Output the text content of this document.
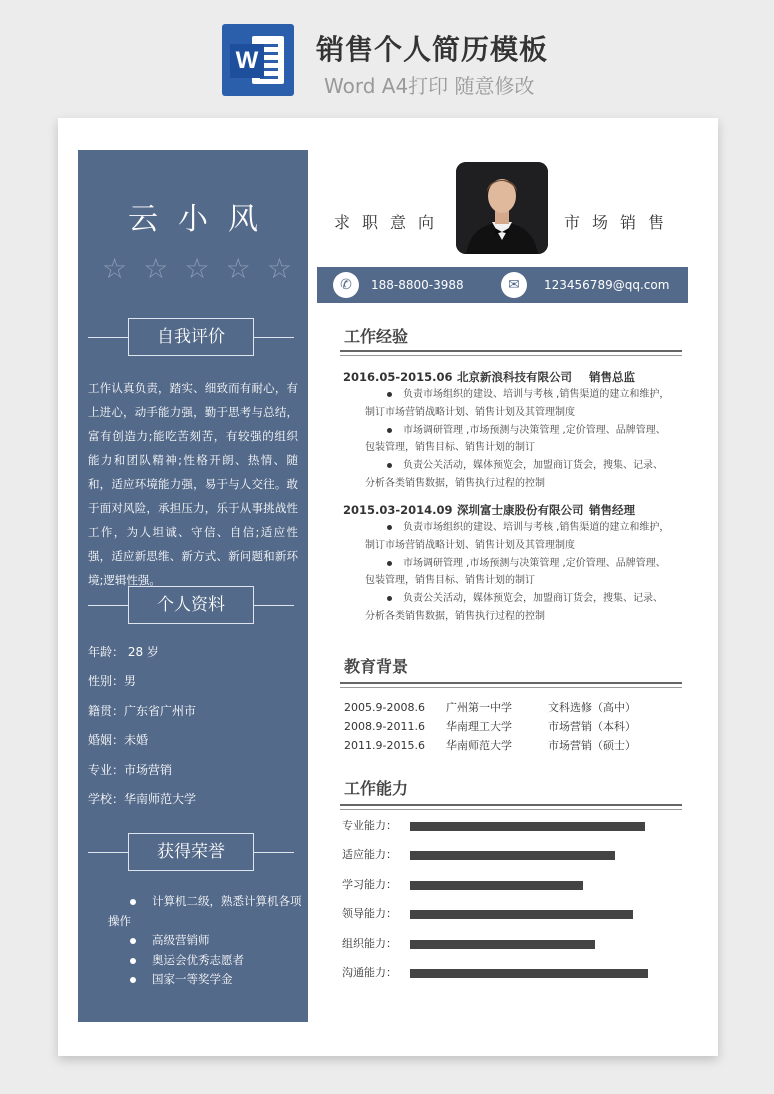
W 销售个人简历模板
Word A4打印 随意修改
云小风
☆ ☆ ☆ ☆ ☆
自我评价
工作认真负责，踏实、细致而有耐心，有上进心，动手能力强，勤于思考与总结，富有创造力;能吃苦刻苦，有较强的组织能力和团队精神;性格开朗、热情、随和，适应环境能力强，易于与人交往。敢于面对风险，承担压力，乐于从事挑战性工作，为人坦诚、守信、自信;适应性强，适应新思维、新方式、新问题和新环境;逻辑性强。
个人资料
年龄： 28 岁
性别：男
籍贯：广东省广州市
婚姻：未婚
专业：市场营销
学校：华南师范大学
获得荣誉
计算机二级，熟悉计算机各项
操作
高级营销师
奥运会优秀志愿者
国家一等奖学金
求职意向	市场销售
✆	188-8800-3988	✉	123456789@qq.com
工作经验
2016.05-2015.06 北京新浪科技有限公司 销售总监

负责市场组织的建设、培训与考核 ,销售渠道的建立和维护，

制订市场营销战略计划、销售计划及其管理制度

市场调研管理 ,市场预测与决策管理 ,定价管理、品牌管理、

包装管理，销售目标、销售计划的制订

负责公关活动，媒体预览会，加盟商订货会，搜集、记录、

分析各类销售数据，销售执行过程的控制

2015.03-2014.09 深圳富士康股份有限公司 销售经理

负责市场组织的建设、培训与考核 ,销售渠道的建立和维护，

制订市场营销战略计划、销售计划及其管理制度

市场调研管理 ,市场预测与决策管理 ,定价管理、品牌管理、

包装管理，销售目标、销售计划的制订

负责公关活动，媒体预览会，加盟商订货会，搜集、记录、

分析各类销售数据，销售执行过程的控制

教育背景
2005.9-2008.6 广州第一中学	文科选修（高中）
2008.9-2011.6 华南理工大学	市场营销（本科）
2011.9-2015.6 华南师范大学	市场营销（硕士）
工作能力
专业能力：
适应能力：
学习能力：
领导能力：
组织能力：
沟通能力：
